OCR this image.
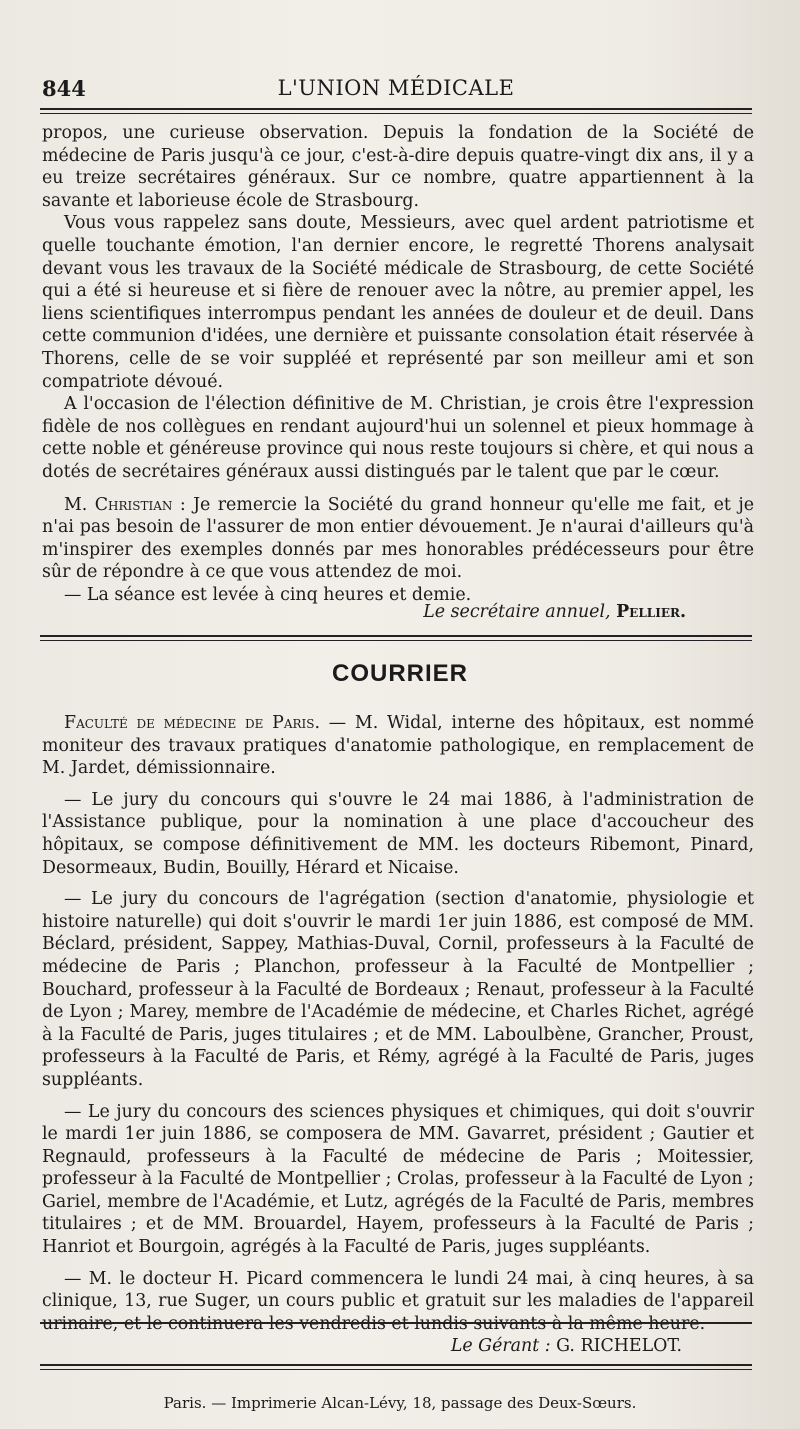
844	L'UNION MÉDICALE

propos, une curieuse observation. Depuis la fondation de la Société de médecine de Paris jusqu'à ce jour, c'est-à-dire depuis quatre-vingt dix ans, il y a eu treize secrétaires généraux. Sur ce nombre, quatre appartiennent à la savante et laborieuse école de Strasbourg.

Vous vous rappelez sans doute, Messieurs, avec quel ardent patriotisme et quelle touchante émotion, l'an dernier encore, le regretté Thorens analysait devant vous les travaux de la Société médicale de Strasbourg, de cette Société qui a été si heureuse et si fière de renouer avec la nôtre, au premier appel, les liens scientifiques interrompus pendant les années de douleur et de deuil. Dans cette communion d'idées, une dernière et puissante consolation était réservée à Thorens, celle de se voir suppléé et représenté par son meilleur ami et son compatriote dévoué.

A l'occasion de l'élection définitive de M. Christian, je crois être l'expression fidèle de nos collègues en rendant aujourd'hui un solennel et pieux hommage à cette noble et généreuse province qui nous reste toujours si chère, et qui nous a dotés de secrétaires généraux aussi distingués par le talent que par le cœur.

M. Christian : Je remercie la Société du grand honneur qu'elle me fait, et je n'ai pas besoin de l'assurer de mon entier dévouement. Je n'aurai d'ailleurs qu'à m'inspirer des exemples donnés par mes honorables prédécesseurs pour être sûr de répondre à ce que vous attendez de moi.

— La séance est levée à cinq heures et demie.

Le secrétaire annuel, Pellier.
COURRIER

Faculté de médecine de Paris. — M. Widal, interne des hôpitaux, est nommé moniteur des travaux pratiques d'anatomie pathologique, en remplacement de M. Jardet, démissionnaire.

— Le jury du concours qui s'ouvre le 24 mai 1886, à l'administration de l'Assistance publique, pour la nomination à une place d'accoucheur des hôpitaux, se compose définitivement de MM. les docteurs Ribemont, Pinard, Desormeaux, Budin, Bouilly, Hérard et Nicaise.

— Le jury du concours de l'agrégation (section d'anatomie, physiologie et histoire naturelle) qui doit s'ouvrir le mardi 1er juin 1886, est composé de MM. Béclard, président, Sappey, Mathias-Duval, Cornil, professeurs à la Faculté de médecine de Paris ; Planchon, professeur à la Faculté de Montpellier ; Bouchard, professeur à la Faculté de Bordeaux ; Renaut, professeur à la Faculté de Lyon ; Marey, membre de l'Académie de médecine, et Charles Richet, agrégé à la Faculté de Paris, juges titulaires ; et de MM. Laboulbène, Grancher, Proust, professeurs à la Faculté de Paris, et Rémy, agrégé à la Faculté de Paris, juges suppléants.

— Le jury du concours des sciences physiques et chimiques, qui doit s'ouvrir le mardi 1er juin 1886, se composera de MM. Gavarret, président ; Gautier et Regnauld, professeurs à la Faculté de médecine de Paris ; Moitessier, professeur à la Faculté de Montpellier ; Crolas, professeur à la Faculté de Lyon ; Gariel, membre de l'Académie, et Lutz, agrégés de la Faculté de Paris, membres titulaires ; et de MM. Brouardel, Hayem, professeurs à la Faculté de Paris ; Hanriot et Bourgoin, agrégés à la Faculté de Paris, juges suppléants.

— M. le docteur H. Picard commencera le lundi 24 mai, à cinq heures, à sa clinique, 13, rue Suger, un cours public et gratuit sur les maladies de l'appareil

Le Gérant : G. RICHELOT.
Paris. — Imprimerie Alcan-Lévy, 18, passage des Deux-Sœurs.
